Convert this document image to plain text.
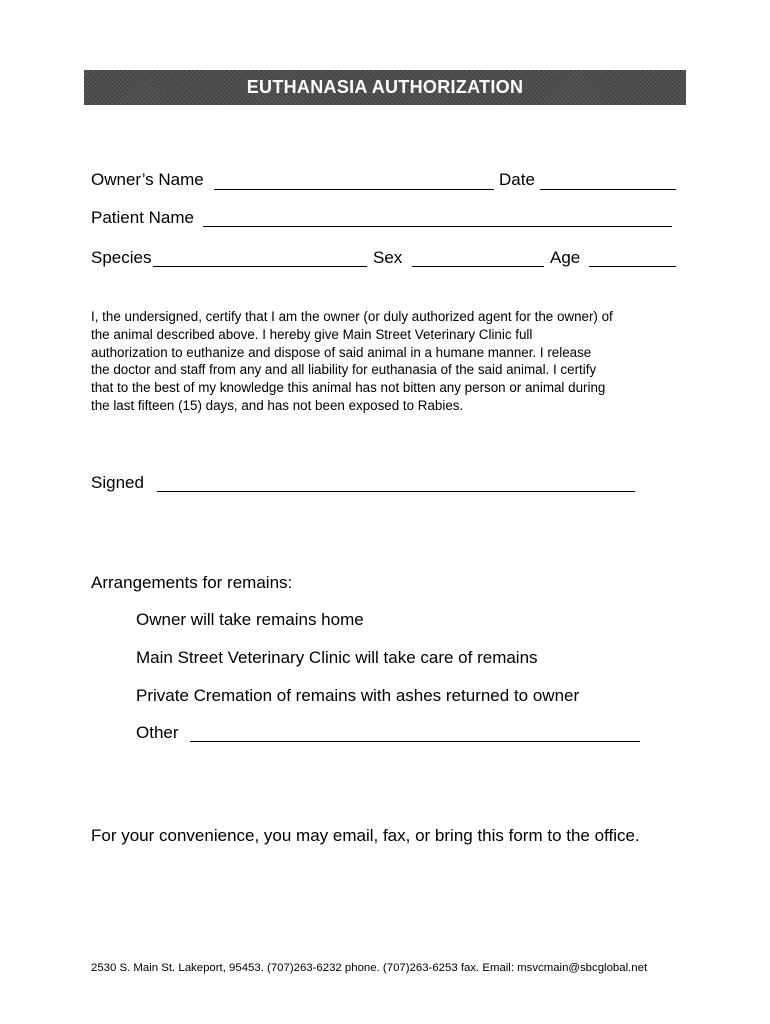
EUTHANASIA AUTHORIZATION
Owner’s Name	Date
Patient Name
Species	Sex	Age
I, the undersigned, certify that I am the owner (or duly authorized agent for the owner) of
the animal described above. I hereby give Main Street Veterinary Clinic full
authorization to euthanize and dispose of said animal in a humane manner. I release
the doctor and staff from any and all liability for euthanasia of the said animal. I certify
that to the best of my knowledge this animal has not bitten any person or animal during
the last fifteen (15) days, and has not been exposed to Rabies.
Signed
Arrangements for remains:
Owner will take remains home
Main Street Veterinary Clinic will take care of remains
Private Cremation of remains with ashes returned to owner
Other
For your convenience, you may email, fax, or bring this form to the office.
2530 S. Main St. Lakeport, 95453. (707)263-6232 phone. (707)263-6253 fax. Email: msvcmain@sbcglobal.net
